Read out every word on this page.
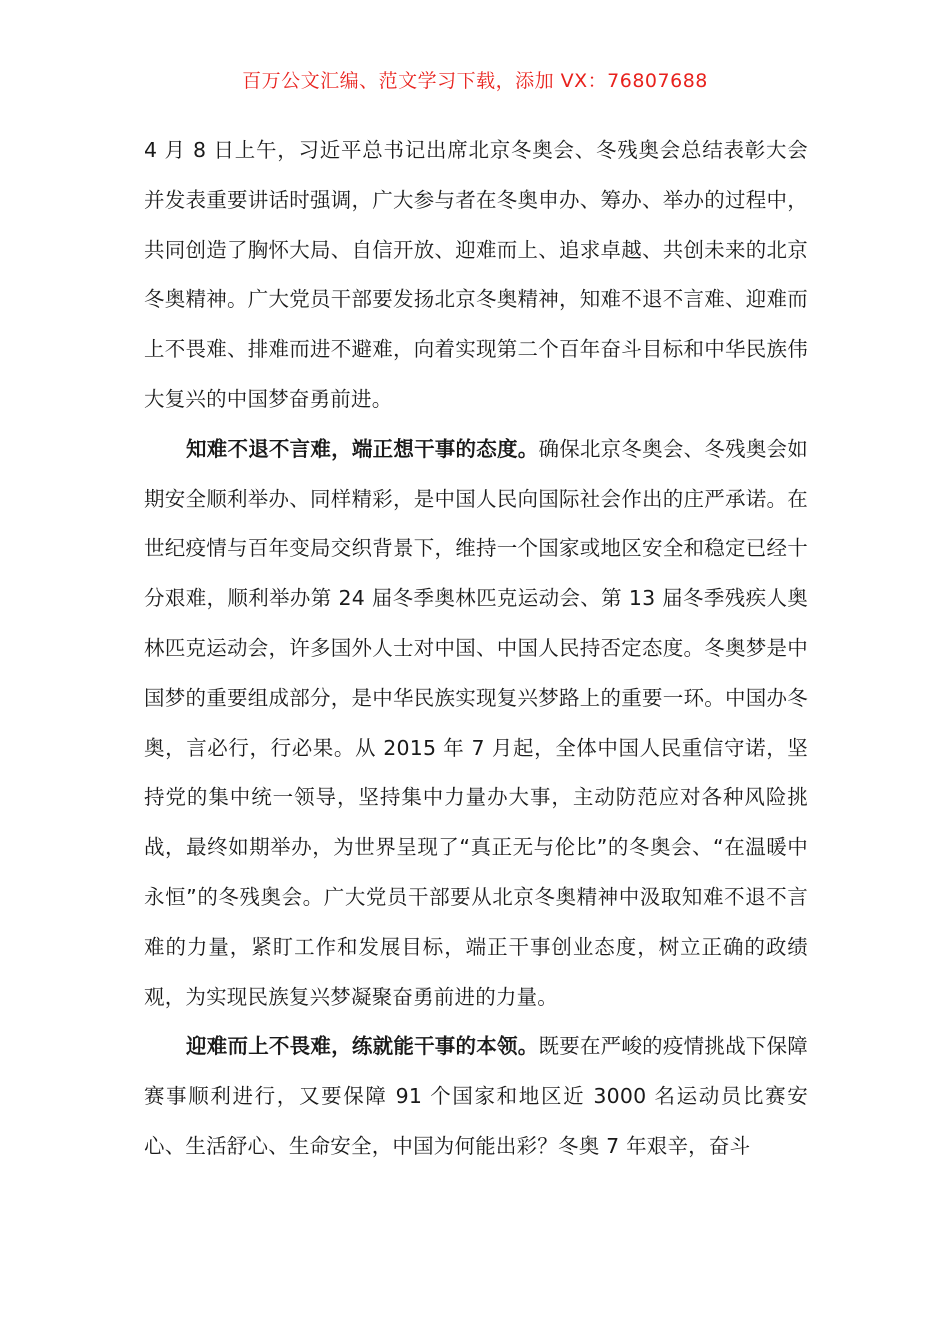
百万公文汇编、范文学习下载，添加 VX：76807688

4 月 8 日上午，习近平总书记出席北京冬奥会、冬残奥会总结表彰大会并发表重要讲话时强调，广大参与者在冬奥申办、筹办、举办的过程中，共同创造了胸怀大局、自信开放、迎难而上、追求卓越、共创未来的北京冬奥精神。广大党员干部要发扬北京冬奥精神，知难不退不言难、迎难而上不畏难、排难而进不避难，向着实现第二个百年奋斗目标和中华民族伟大复兴的中国梦奋勇前进。

知难不退不言难，端正想干事的态度。确保北京冬奥会、冬残奥会如期安全顺利举办、同样精彩，是中国人民向国际社会作出的庄严承诺。在世纪疫情与百年变局交织背景下，维持一个国家或地区安全和稳定已经十分艰难，顺利举办第 24 届冬季奥林匹克运动会、第 13 届冬季残疾人奥林匹克运动会，许多国外人士对中国、中国人民持否定态度。冬奥梦是中国梦的重要组成部分，是中华民族实现复兴梦路上的重要一环。中国办冬奥，言必行，行必果。从 2015 年 7 月起，全体中国人民重信守诺，坚持党的集中统一领导，坚持集中力量办大事，主动防范应对各种风险挑战，最终如期举办，为世界呈现了“真正无与伦比”的冬奥会、“在温暖中永恒”的冬残奥会。广大党员干部要从北京冬奥精神中汲取知难不退不言难的力量，紧盯工作和发展目标，端正干事创业态度，树立正确的政绩观，为实现民族复兴梦凝聚奋勇前进的力量。

迎难而上不畏难，练就能干事的本领。既要在严峻的疫情挑战下保障赛事顺利进行，又要保障 91 个国家和地区近 3000 名运动员比赛安心、生活舒心、生命安全，中国为何能出彩？冬奥 7 年艰辛，奋斗
